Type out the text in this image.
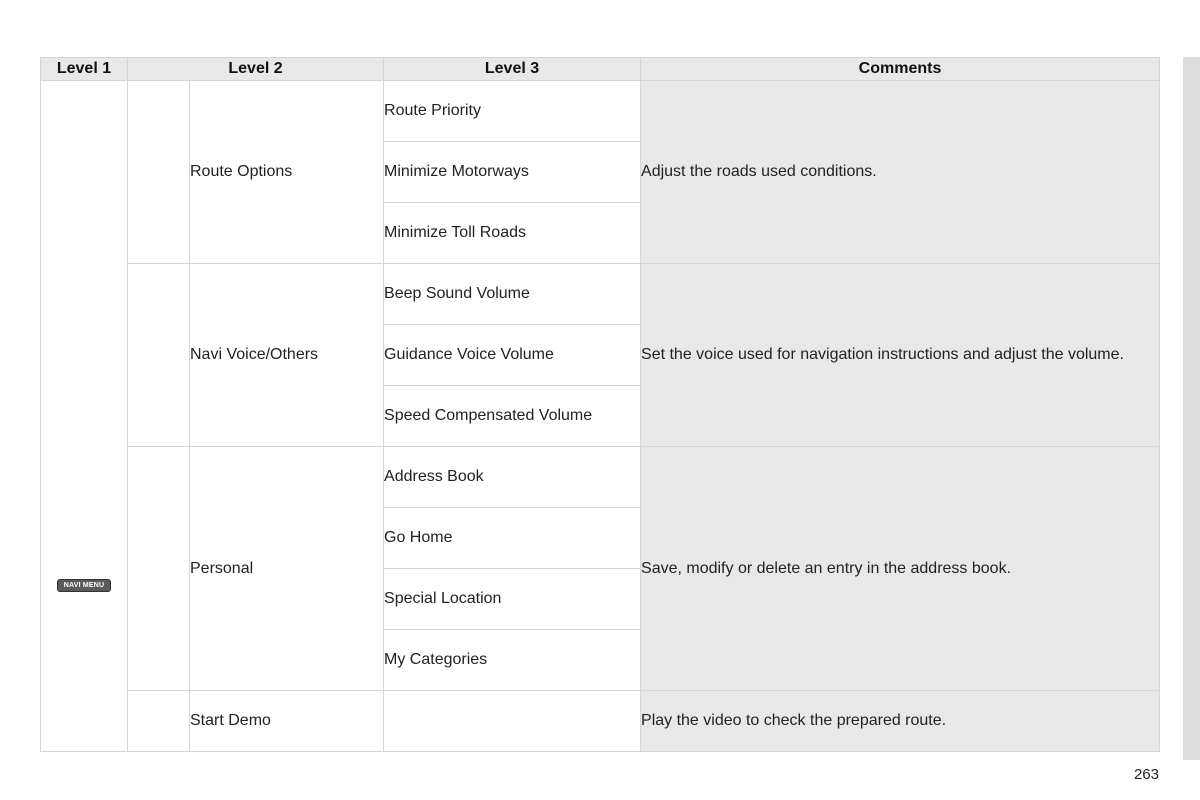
Level 1	Level 2		Level 3	Comments
NAVI MENU		Route Options	Route Priority	Adjust the roads used conditions.
			Minimize Motorways	
			Minimize Toll Roads	
		Navi Voice/Others	Beep Sound Volume	Set the voice used for navigation instructions and adjust the volume.
			Guidance Voice Volume	
			Speed Compensated Volume	
		Personal	Address Book	Save, modify or delete an entry in the address book.
			Go Home	
			Special Location	
			My Categories	
		Start Demo		Play the video to check the prepared route.
263
